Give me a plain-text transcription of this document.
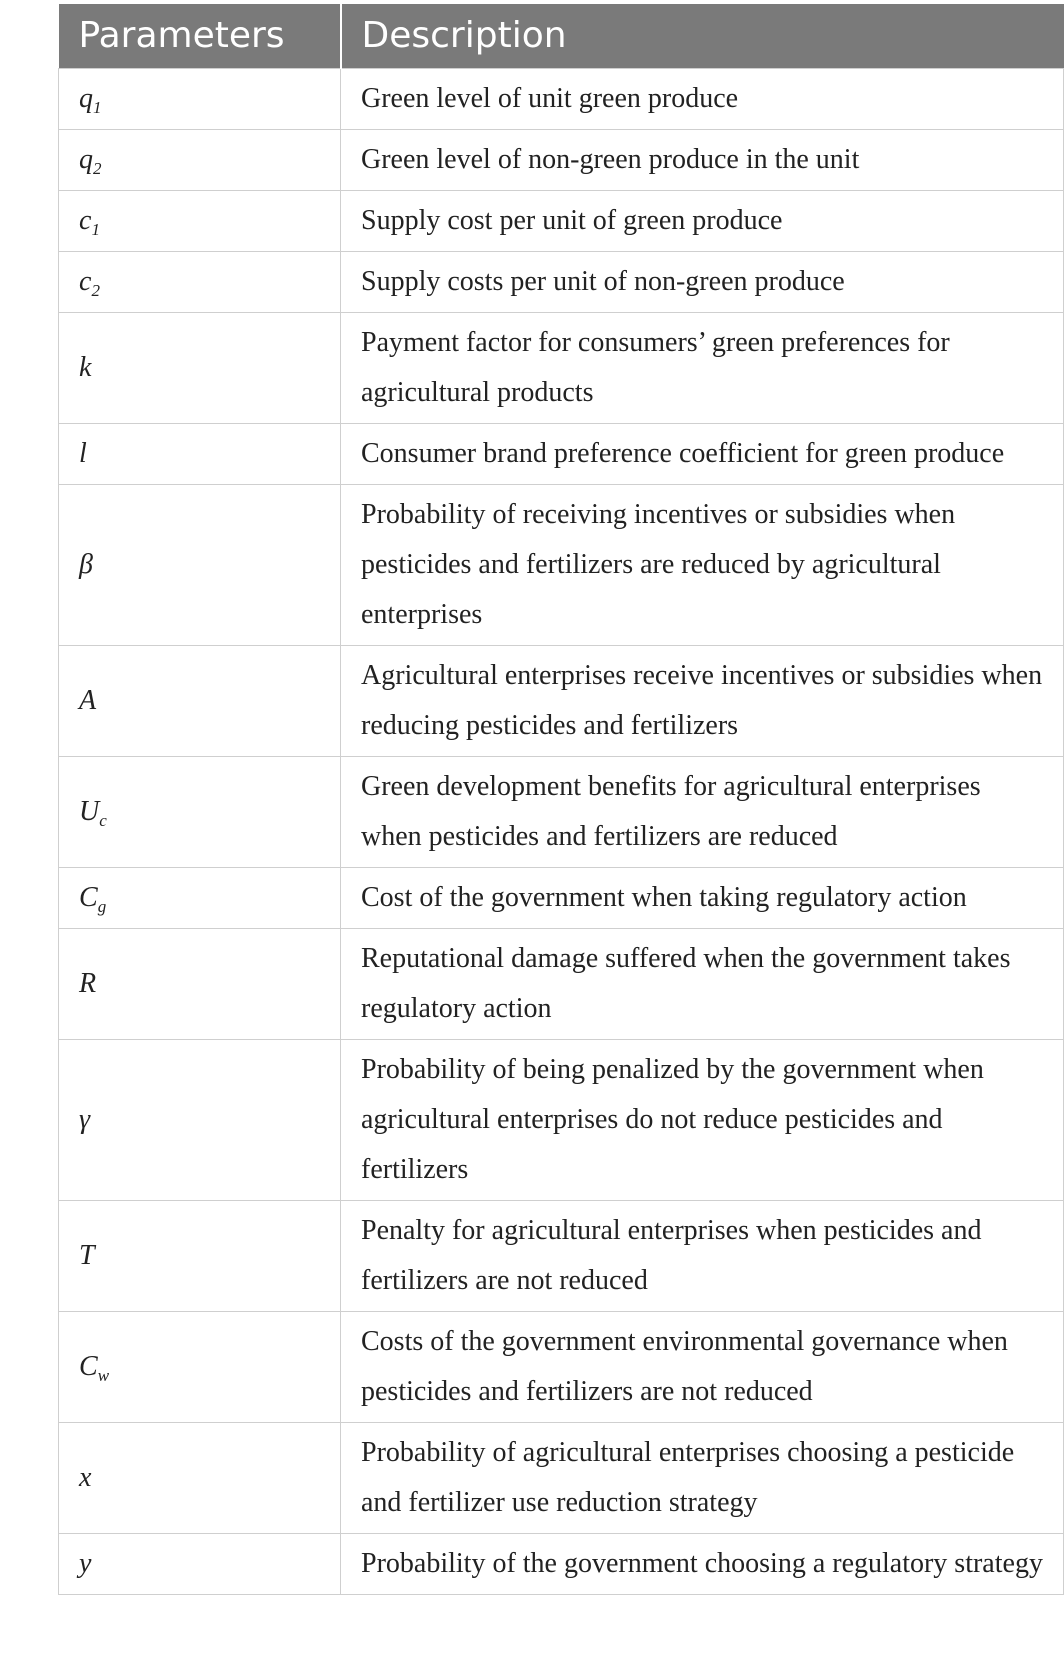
Parameters	Description
$q_1$	Green level of unit green produce
$q_2$	Green level of non-green produce in the unit
$c_1$	Supply cost per unit of green produce
$c_2$	Supply costs per unit of non-green produce
k	Payment factor for consumers’ green preferences for agricultural products
l	Consumer brand preference coefficient for green produce
β	Probability of receiving incentives or subsidies when pesticides and fertilizers are reduced by agricultural enterprises
A	Agricultural enterprises receive incentives or subsidies when reducing pesticides and fertilizers
$U_c$	Green development benefits for agricultural enterprises when pesticides and fertilizers are reduced
$C_g$	Cost of the government when taking regulatory action
R	Reputational damage suffered when the government takes regulatory action
γ	Probability of being penalized by the government when agricultural enterprises do not reduce pesticides and fertilizers
T	Penalty for agricultural enterprises when pesticides and fertilizers are not reduced
$C_w$	Costs of the government environmental governance when pesticides and fertilizers are not reduced
x	Probability of agricultural enterprises choosing a pesticide and fertilizer use reduction strategy
y	Probability of the government choosing a regulatory strategy
